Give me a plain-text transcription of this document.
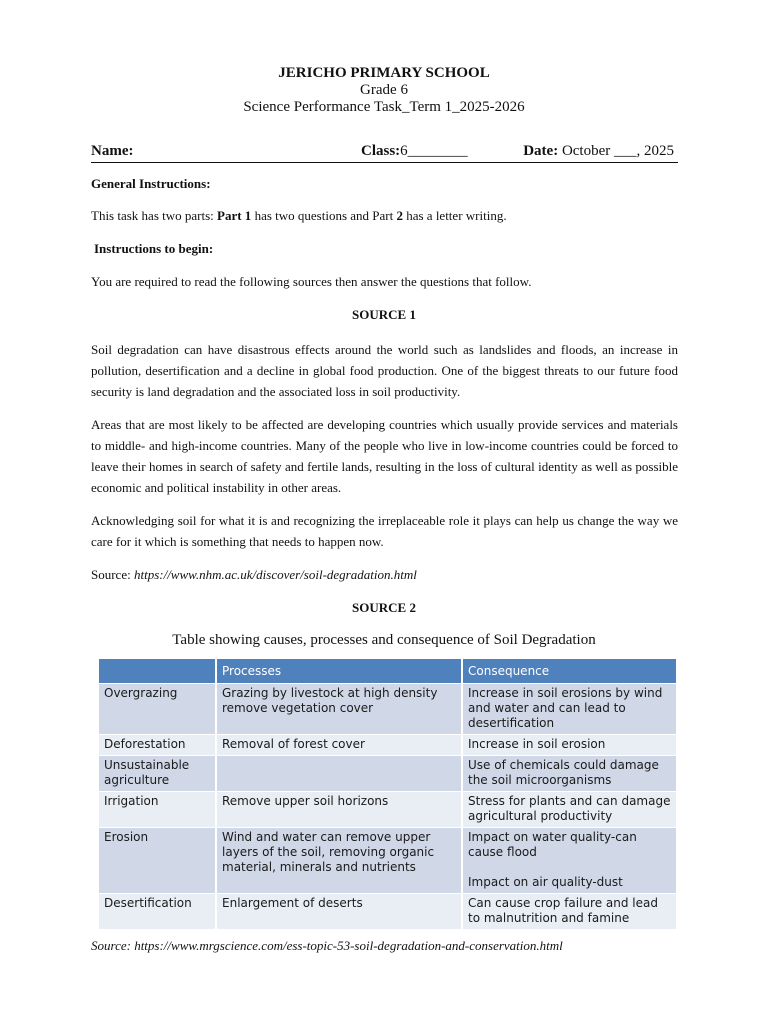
JERICHO PRIMARY SCHOOL
Grade 6
Science Performance Task_Term 1_2025-2026
Name:	Class:6________	Date: October ___, 2025
General Instructions:
This task has two parts: Part 1 has two questions and Part 2 has a letter writing.
Instructions to begin:
You are required to read the following sources then answer the questions that follow.
SOURCE 1
Soil degradation can have disastrous effects around the world such as landslides and floods, an increase in pollution, desertification and a decline in global food production. One of the biggest threats to our future food security is land degradation and the associated loss in soil productivity.
Areas that are most likely to be affected are developing countries which usually provide services and materials to middle- and high-income countries. Many of the people who live in low-income countries could be forced to leave their homes in search of safety and fertile lands, resulting in the loss of cultural identity as well as possible economic and political instability in other areas.
Acknowledging soil for what it is and recognizing the irreplaceable role it plays can help us change the way we care for it which is something that needs to happen now.
Source: https://www.nhm.ac.uk/discover/soil-degradation.html
SOURCE 2
Table showing causes, processes and consequence of Soil Degradation
	Processes	Consequence
Overgrazing	Grazing by livestock at high density remove vegetation cover	Increase in soil erosions by wind and water and can lead to desertification
Deforestation	Removal of forest cover	Increase in soil erosion
Unsustainable agriculture		Use of chemicals could damage the soil microorganisms
Irrigation	Remove upper soil horizons	Stress for plants and can damage agricultural productivity
Erosion	Wind and water can remove upper layers of the soil, removing organic material, minerals and nutrients	Impact on water quality-can cause flood
Impact on air quality-dust

Desertification	Enlargement of deserts	Can cause crop failure and lead to malnutrition and famine
Source: https://www.mrgscience.com/ess-topic-53-soil-degradation-and-conservation.html
